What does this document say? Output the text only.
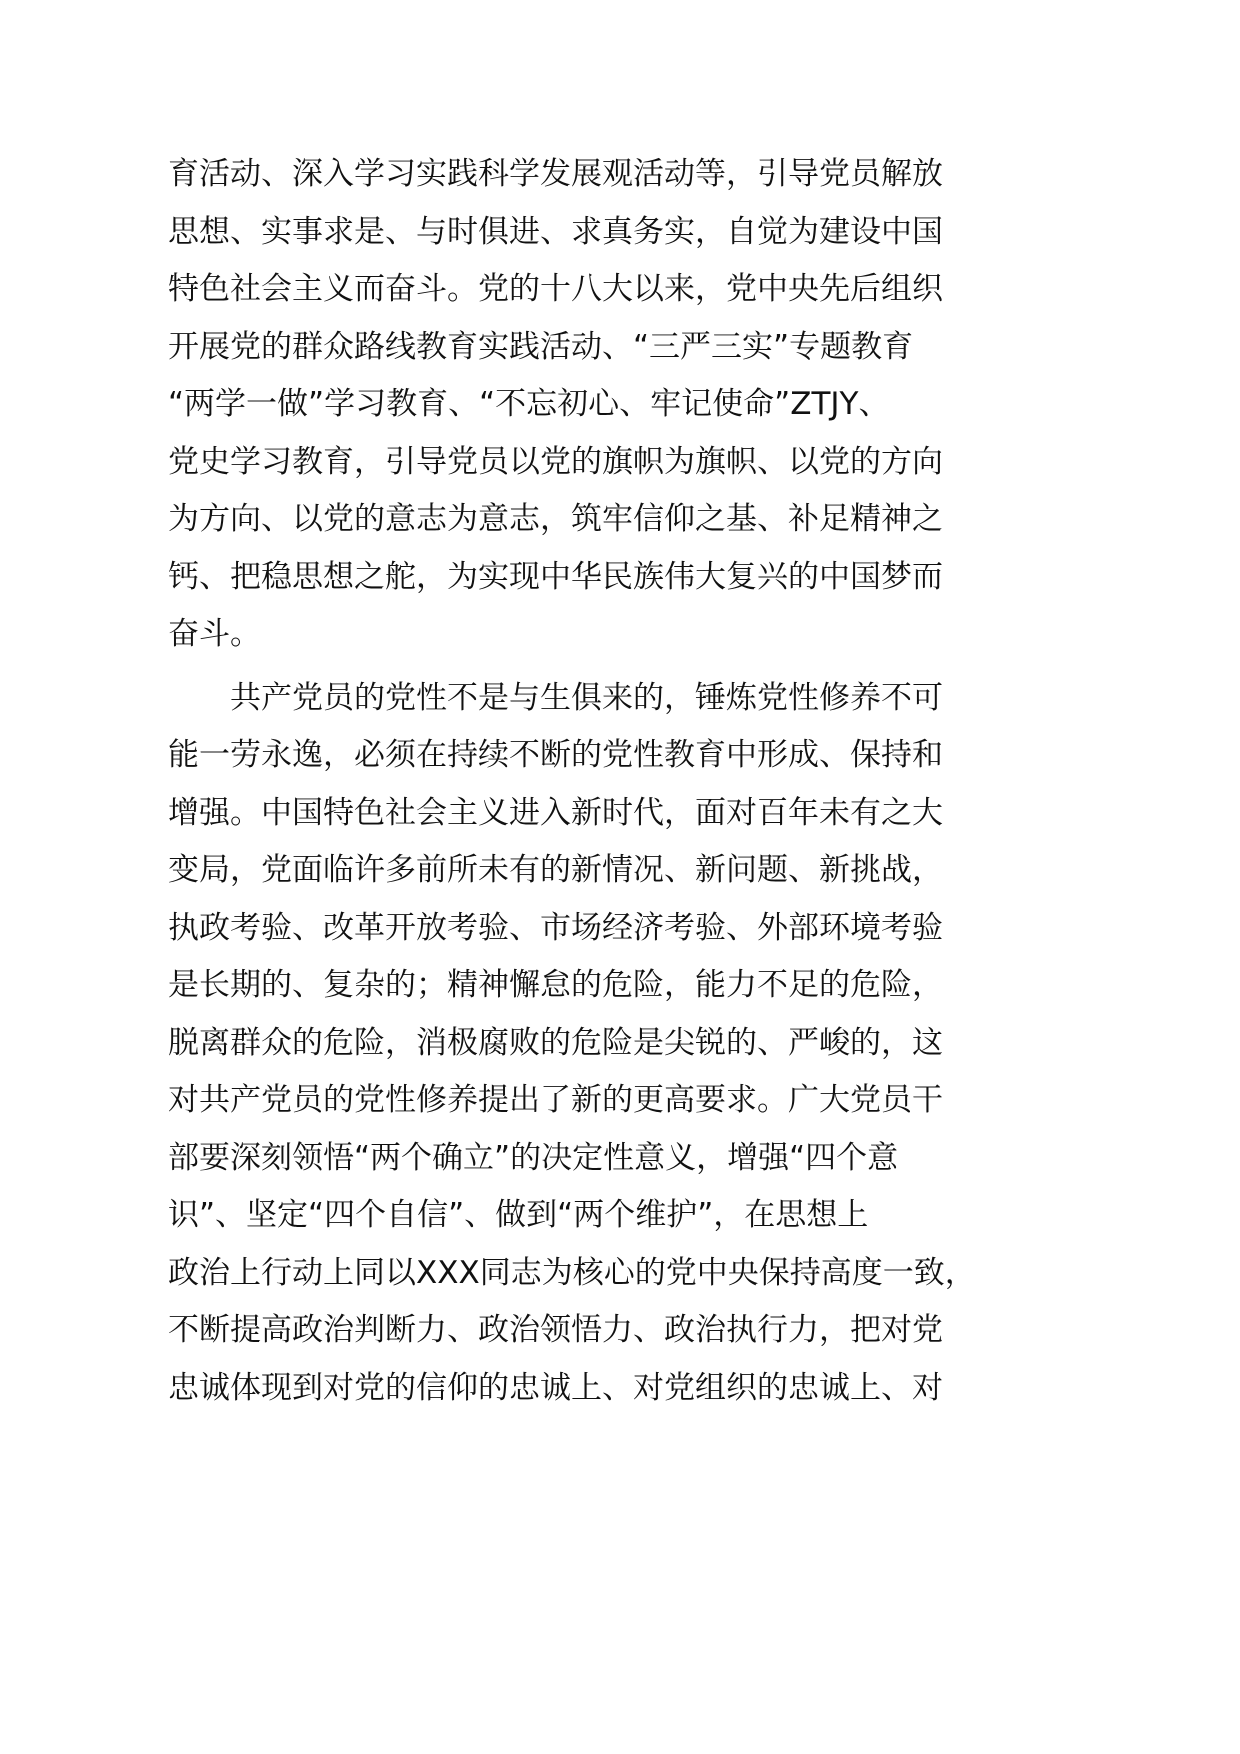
育活动、深入学习实践科学发展观活动等，引导党员解放
思想、实事求是、与时俱进、求真务实，自觉为建设中国
特色社会主义而奋斗。党的十八大以来，党中央先后组织
开展党的群众路线教育实践活动、“三严三实”专题教育
“两学一做”学习教育、“不忘初心、牢记使命”ZTJY、
党史学习教育，引导党员以党的旗帜为旗帜、以党的方向
为方向、以党的意志为意志，筑牢信仰之基、补足精神之
钙、把稳思想之舵，为实现中华民族伟大复兴的中国梦而
奋斗。
共产党员的党性不是与生俱来的，锤炼党性修养不可
能一劳永逸，必须在持续不断的党性教育中形成、保持和
增强。中国特色社会主义进入新时代，面对百年未有之大
变局，党面临许多前所未有的新情况、新问题、新挑战，
执政考验、改革开放考验、市场经济考验、外部环境考验
是长期的、复杂的；精神懈怠的危险，能力不足的危险，
脱离群众的危险，消极腐败的危险是尖锐的、严峻的，这
对共产党员的党性修养提出了新的更高要求。广大党员干
部要深刻领悟“两个确立”的决定性意义，增强“四个意
识”、坚定“四个自信”、做到“两个维护”，在思想上
政治上行动上同以XXX同志为核心的党中央保持高度一致，
不断提高政治判断力、政治领悟力、政治执行力，把对党
忠诚体现到对党的信仰的忠诚上、对党组织的忠诚上、对
